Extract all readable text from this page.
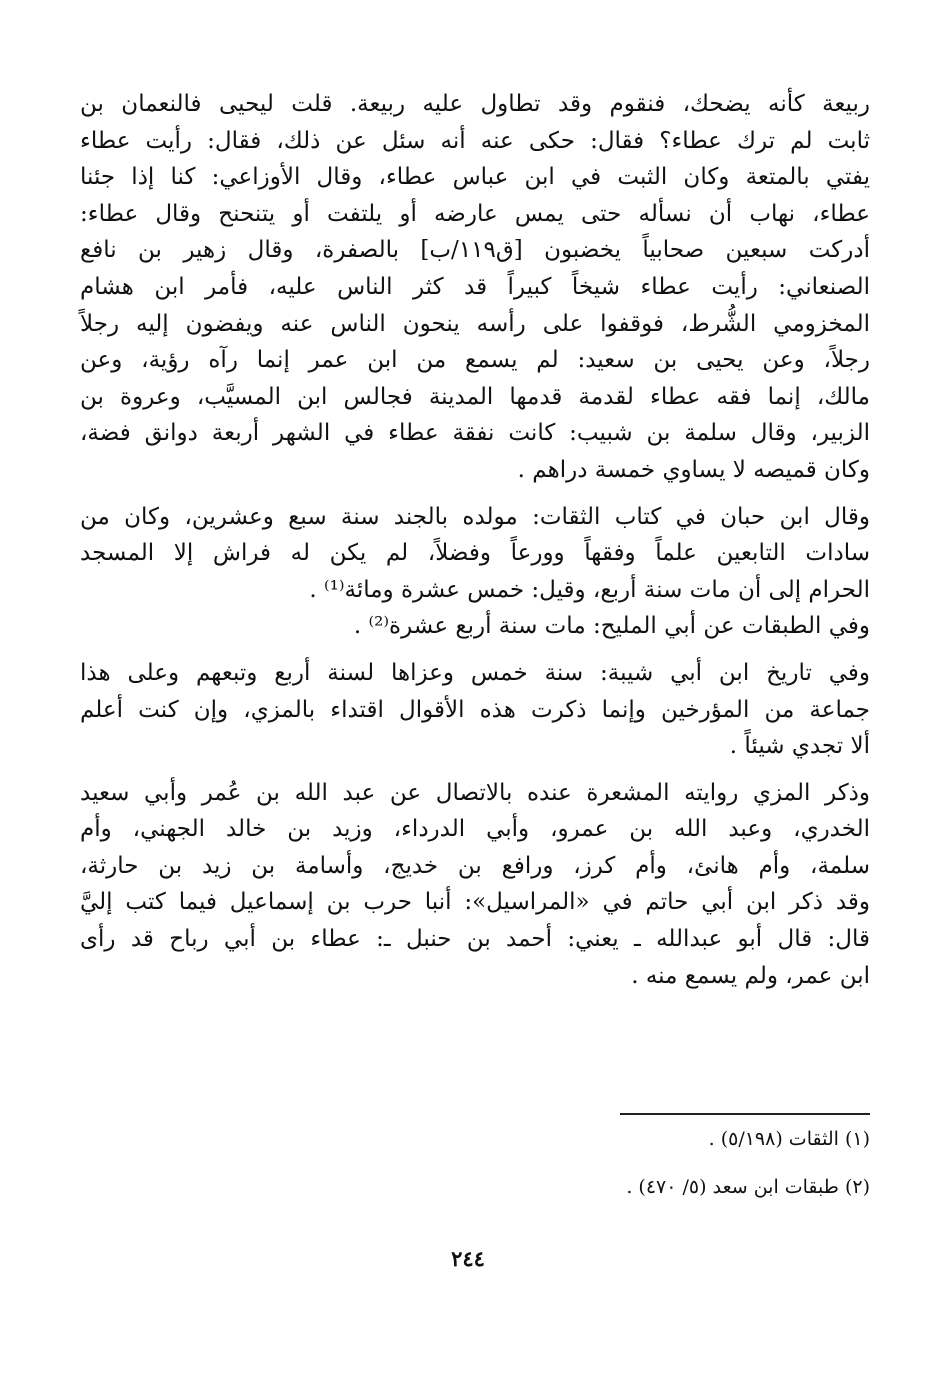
ربيعة كأنه يضحك، فنقوم وقد تطاول عليه ربيعة. قلت ليحيى فالنعمان بن
ثابت لم ترك عطاء؟ فقال: حكى عنه أنه سئل عن ذلك، فقال: رأيت عطاء
يفتي بالمتعة وكان الثبت في ابن عباس عطاء، وقال الأوزاعي: كنا إذا جئنا
عطاء، نهاب أن نسأله حتى يمس عارضه أو يلتفت أو يتنحنح وقال عطاء:
أدركت سبعين صحابياً يخضبون [ق١١٩/ب] بالصفرة، وقال زهير بن نافع
الصنعاني: رأيت عطاء شيخاً كبيراً قد كثر الناس عليه، فأمر ابن هشام
المخزومي الشُّرط، فوقفوا على رأسه ينحون الناس عنه ويفضون إليه رجلاً
رجلاً، وعن يحيى بن سعيد: لم يسمع من ابن عمر إنما رآه رؤية، وعن
مالك، إنما فقه عطاء لقدمة قدمها المدينة فجالس ابن المسيَّب، وعروة بن
الزبير، وقال سلمة بن شبيب: كانت نفقة عطاء في الشهر أربعة دوانق فضة،
وكان قميصه لا يساوي خمسة دراهم .
وقال ابن حبان في كتاب الثقات: مولده بالجند سنة سبع وعشرين، وكان من
سادات التابعين علماً وفقهاً وورعاً وفضلاً، لم يكن له فراش إلا المسجد
الحرام إلى أن مات سنة أربع، وقيل: خمس عشرة ومائة⁽¹⁾ .
وفي الطبقات عن أبي المليح: مات سنة أربع عشرة⁽²⁾ .
وفي تاريخ ابن أبي شيبة: سنة خمس وعزاها لسنة أربع وتبعهم وعلى هذا
جماعة من المؤرخين وإنما ذكرت هذه الأقوال اقتداء بالمزي، وإن كنت أعلم
ألا تجدي شيئاً .
وذكر المزي روايته المشعرة عنده بالاتصال عن عبد الله بن عُمر وأبي سعيد
الخدري، وعبد الله بن عمرو، وأبي الدرداء، وزيد بن خالد الجهني، وأم
سلمة، وأم هانئ، وأم كرز، ورافع بن خديج، وأسامة بن زيد بن حارثة،
وقد ذكر ابن أبي حاتم في «المراسيل»: أنبا حرب بن إسماعيل فيما كتب إليَّ
قال: قال أبو عبدالله ـ يعني: أحمد بن حنبل ـ: عطاء بن أبي رباح قد رأى
ابن عمر، ولم يسمع منه .
(١) الثقات (٥/١٩٨) .
(٢) طبقات ابن سعد (٥/ ٤٧٠) .
٢٤٤
